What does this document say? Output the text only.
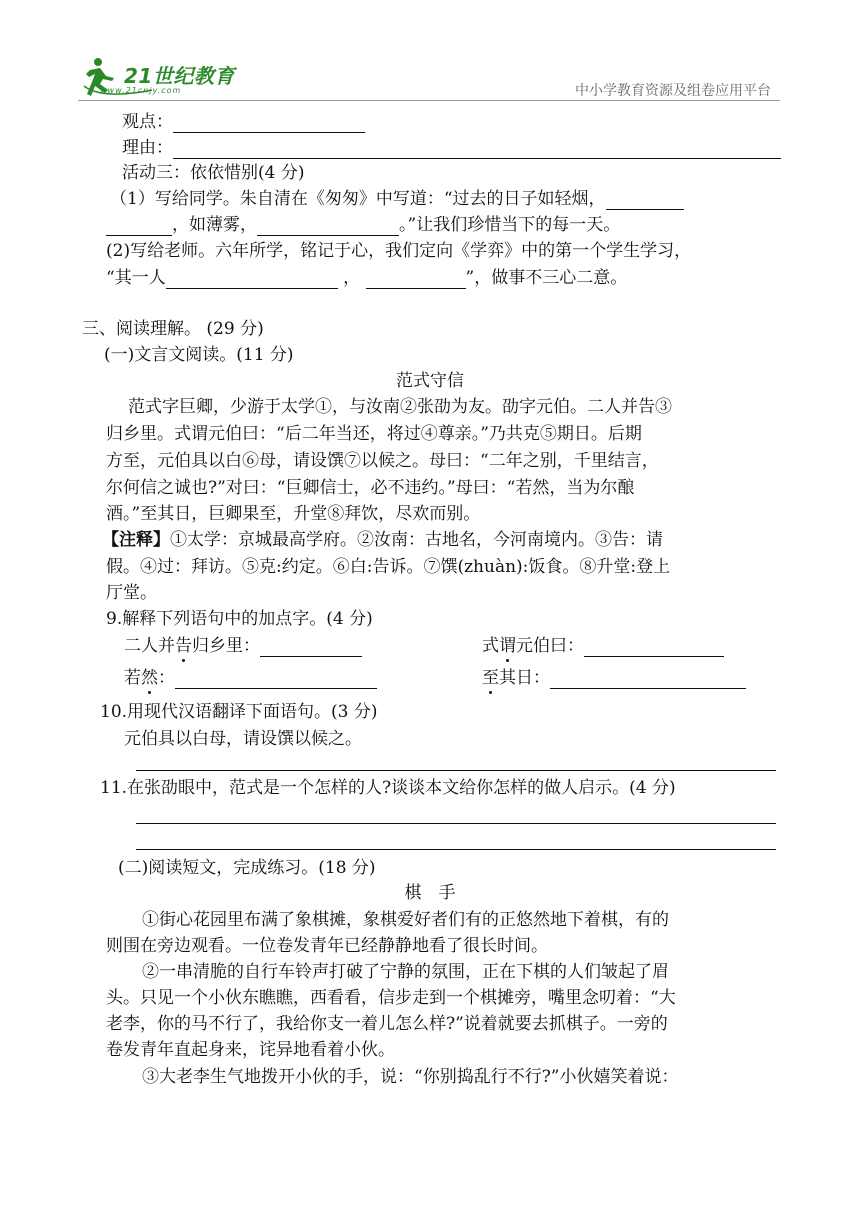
21世纪教育
www.21cnjy.com	中小学教育资源及组卷应用平台
观点：
理由：
活动三：依依惜别(4 分)
（1）写给同学。朱自清在《匆匆》中写道：“过去的日子如轻烟，
，如薄雾，	。”让我们珍惜当下的每一天。
(2)写给老师。六年所学，铭记于心，我们定向《学弈》中的第一个学生学习，
“其一人	，	”，做事不三心二意。
三、阅读理解。 (29 分)
(一)文言文阅读。(11 分)
范式守信
范式字巨卿，少游于太学①，与汝南②张劭为友。劭字元伯。二人并告③
归乡里。式谓元伯曰：“后二年当还，将过④尊亲。”乃共克⑤期日。后期
方至，元伯具以白⑥母，请设馔⑦以候之。母曰：“二年之别，千里结言，
尔何信之诚也?”对曰：“巨卿信士，必不违约。”母曰：“若然，当为尔酿
酒。”至其日，巨卿果至，升堂⑧拜饮，尽欢而别。
【注释】①太学：京城最高学府。②汝南：古地名，今河南境内。③告：请
假。④过：拜访。⑤克:约定。⑥白:告诉。⑦馔(zhuàn):饭食。⑧升堂:登上
厅堂。
9.解释下列语句中的加点字。(4 分)
二人并告归乡里：	式谓元伯曰：
若然：	至其日：
10.用现代汉语翻译下面语句。(3 分)
元伯具以白母，请设馔以候之。
11.在张劭眼中，范式是一个怎样的人?谈谈本文给你怎样的做人启示。(4 分)
(二)阅读短文，完成练习。(18 分)
棋　手
①街心花园里布满了象棋摊，象棋爱好者们有的正悠然地下着棋，有的
则围在旁边观看。一位卷发青年已经静静地看了很长时间。
②一串清脆的自行车铃声打破了宁静的氛围，正在下棋的人们皱起了眉
头。只见一个小伙东瞧瞧，西看看，信步走到一个棋摊旁，嘴里念叨着：“大
老李，你的马不行了，我给你支一着儿怎么样?”说着就要去抓棋子。一旁的
卷发青年直起身来，诧异地看着小伙。
③大老李生气地拨开小伙的手，说：“你别捣乱行不行?”小伙嬉笑着说：
